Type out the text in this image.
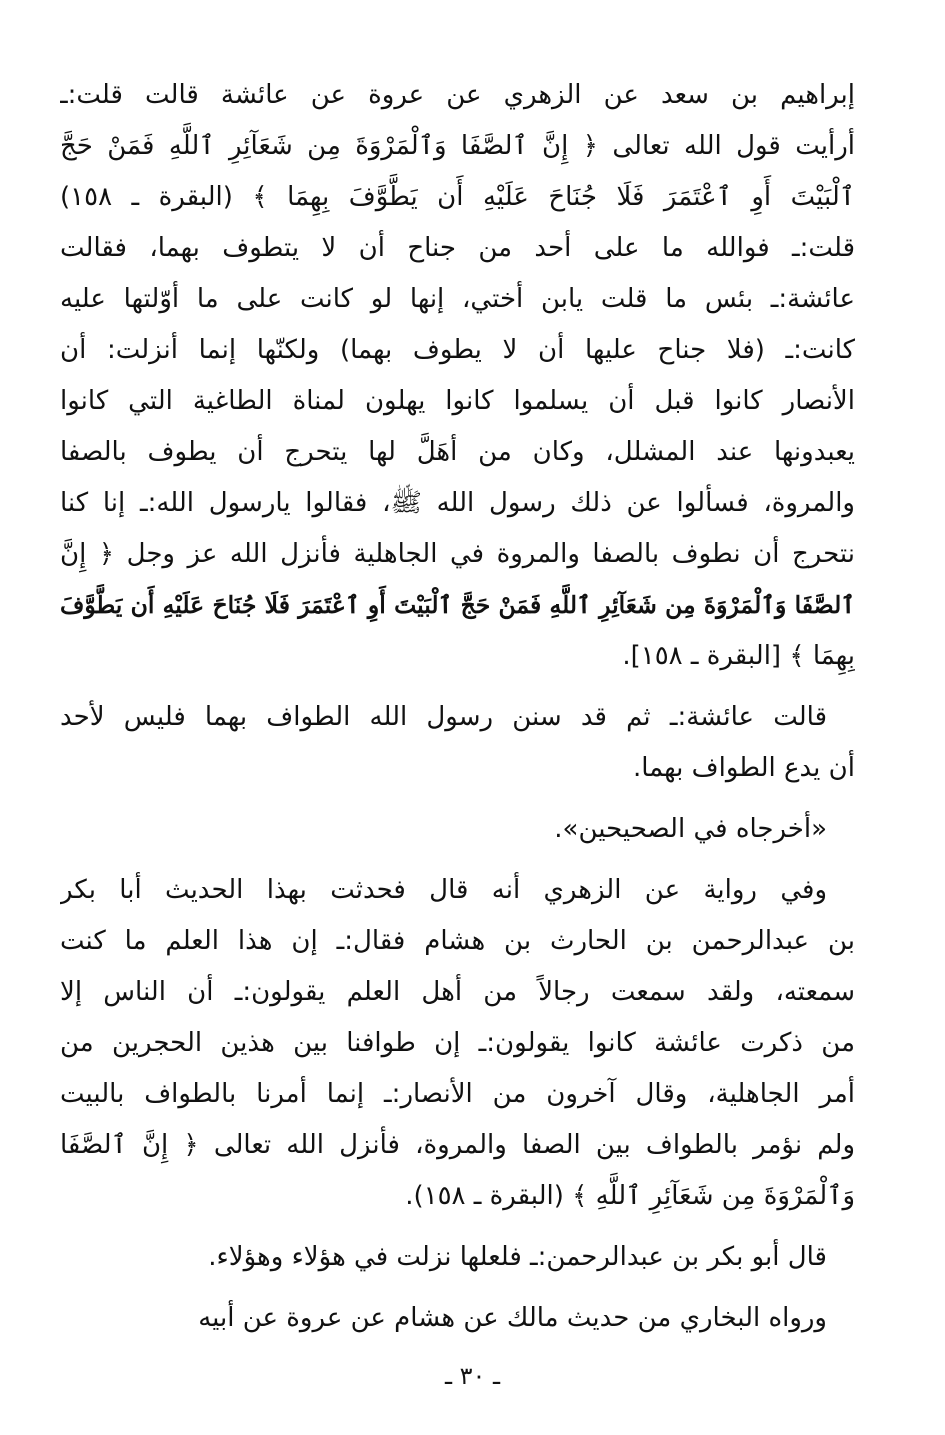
إبراهيم بن سعد عن الزهري عن عروة عن عائشة قالت قلت:ـ
أرأيت قول الله تعالى ﴿ إِنَّ ٱلصَّفَا وَٱلْمَرْوَةَ مِن شَعَآئِرِ ٱللَّهِ فَمَنْ حَجَّ
ٱلْبَيْتَ أَوِ ٱعْتَمَرَ فَلَا جُنَاحَ عَلَيْهِ أَن يَطَّوَّفَ بِهِمَا ﴾ (البقرة ـ ١٥٨)
قلت:ـ فوالله ما على أحد من جناح أن لا يتطوف بهما، فقالت
عائشة:ـ بئس ما قلت يابن أختي، إنها لو كانت على ما أوّلتها عليه
كانت:ـ (فلا جناح عليها أن لا يطوف بهما) ولكنّها إنما أنزلت: أن
الأنصار كانوا قبل أن يسلموا كانوا يهلون لمناة الطاغية التي كانوا
يعبدونها عند المشلل، وكان من أهَلَّ لها يتحرج أن يطوف بالصفا
والمروة، فسألوا عن ذلك رسول الله ﷺ، فقالوا يارسول الله:ـ إنا كنا
نتحرج أن نطوف بالصفا والمروة في الجاهلية فأنزل الله عز وجل ﴿ إِنَّ
ٱلصَّفَا وَٱلْمَرْوَةَ مِن شَعَآئِرِ ٱللَّهِ فَمَنْ حَجَّ ٱلْبَيْتَ أَوِ ٱعْتَمَرَ فَلَا جُنَاحَ عَلَيْهِ أَن يَطَّوَّفَ
بِهِمَا ﴾ [البقرة ـ ١٥٨].
قالت عائشة:ـ ثم قد سنن رسول الله الطواف بهما فليس لأحد
أن يدع الطواف بهما.
«أخرجاه في الصحيحين».
وفي رواية عن الزهري أنه قال فحدثت بهذا الحديث أبا بكر
بن عبدالرحمن بن الحارث بن هشام فقال:ـ إن هذا العلم ما كنت
سمعته، ولقد سمعت رجالاً من أهل العلم يقولون:ـ أن الناس إلا
من ذكرت عائشة كانوا يقولون:ـ إن طوافنا بين هذين الحجرين من
أمر الجاهلية، وقال آخرون من الأنصار:ـ إنما أمرنا بالطواف بالبيت
ولم نؤمر بالطواف بين الصفا والمروة، فأنزل الله تعالى ﴿ إِنَّ ٱلصَّفَا
وَٱلْمَرْوَةَ مِن شَعَآئِرِ ٱللَّهِ ﴾ (البقرة ـ ١٥٨).
قال أبو بكر بن عبدالرحمن:ـ فلعلها نزلت في هؤلاء وهؤلاء.
ورواه البخاري من حديث مالك عن هشام عن عروة عن أبيه
ـ ٣٠ ـ
